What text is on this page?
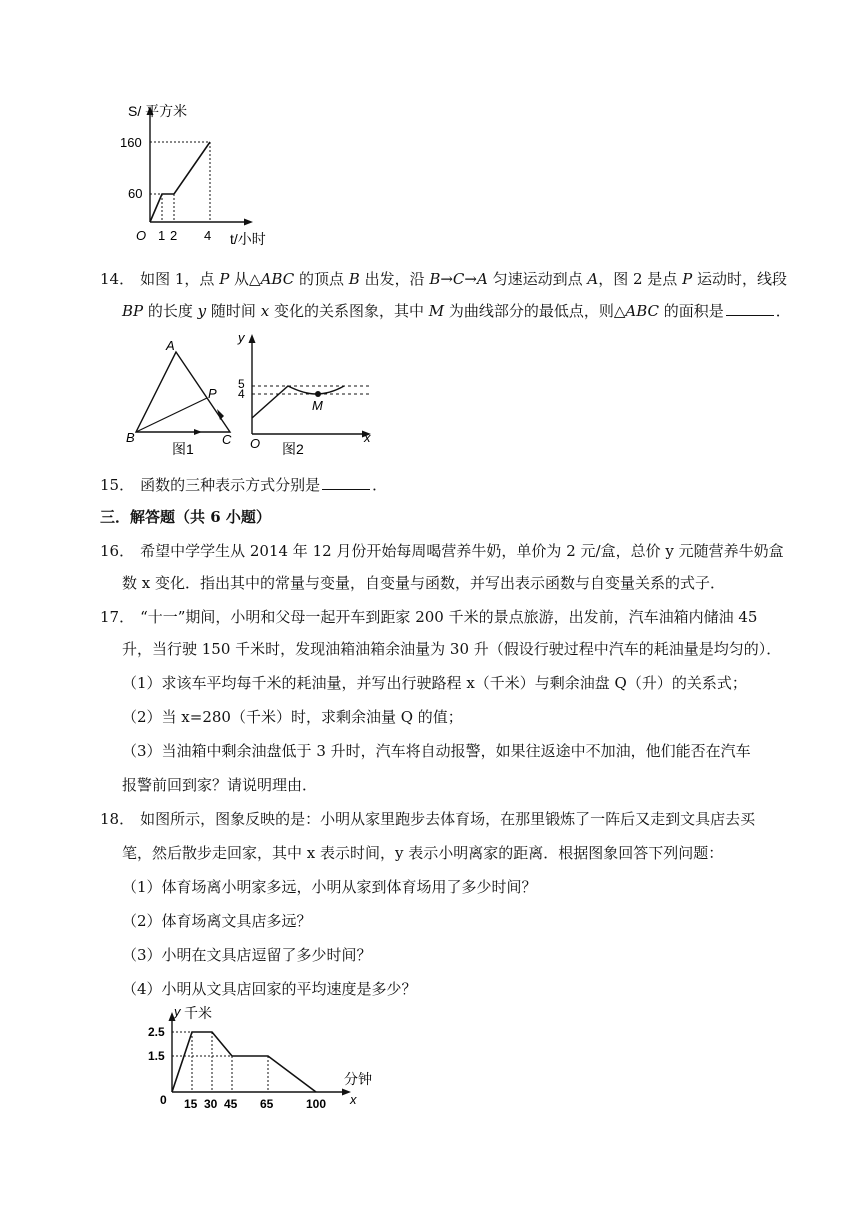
S/ 平方米
160
60
O 1 2 4 t/小时
14． 如图 1，点 P 从△ABC 的顶点 B 出发，沿 B→C→A 匀速运动到点 A，图 2 是点 P 运动时，线段
BP 的长度 y 随时间 x 变化的关系图象，其中 M 为曲线部分的最低点，则△ABC 的面积是	．
A
B	C
P
图1
y
5
4
M
O	x
图2
15． 函数的三种表示方式分别是	．
三．解答题（共 6 小题）
16． 希望中学学生从 2014 年 12 月份开始每周喝营养牛奶，单价为 2 元/盒，总价 y 元随营养牛奶盒
数 x 变化．指出其中的常量与变量，自变量与函数，并写出表示函数与自变量关系的式子．
17． “十一”期间，小明和父母一起开车到距家 200 千米的景点旅游，出发前，汽车油箱内储油 45
升，当行驶 150 千米时，发现油箱油箱余油量为 30 升（假设行驶过程中汽车的耗油量是均匀的）．
（1）求该车平均每千米的耗油量，并写出行驶路程 x（千米）与剩余油盘 Q（升）的关系式；
（2）当 x=280（千米）时，求剩余油量 Q 的值；
（3）当油箱中剩余油盘低于 3 升时，汽车将自动报警，如果往返途中不加油，他们能否在汽车
报警前回到家？请说明理由．
18． 如图所示，图象反映的是：小明从家里跑步去体育场，在那里锻炼了一阵后又走到文具店去买
笔，然后散步走回家，其中 x 表示时间，y 表示小明离家的距离．根据图象回答下列问题：
（1）体育场离小明家多远，小明从家到体育场用了多少时间？
（2）体育场离文具店多远？
（3）小明在文具店逗留了多少时间？
（4）小明从文具店回家的平均速度是多少？
y 千米
2.5
1.5
0 15 30 45 65	100
分钟
x
